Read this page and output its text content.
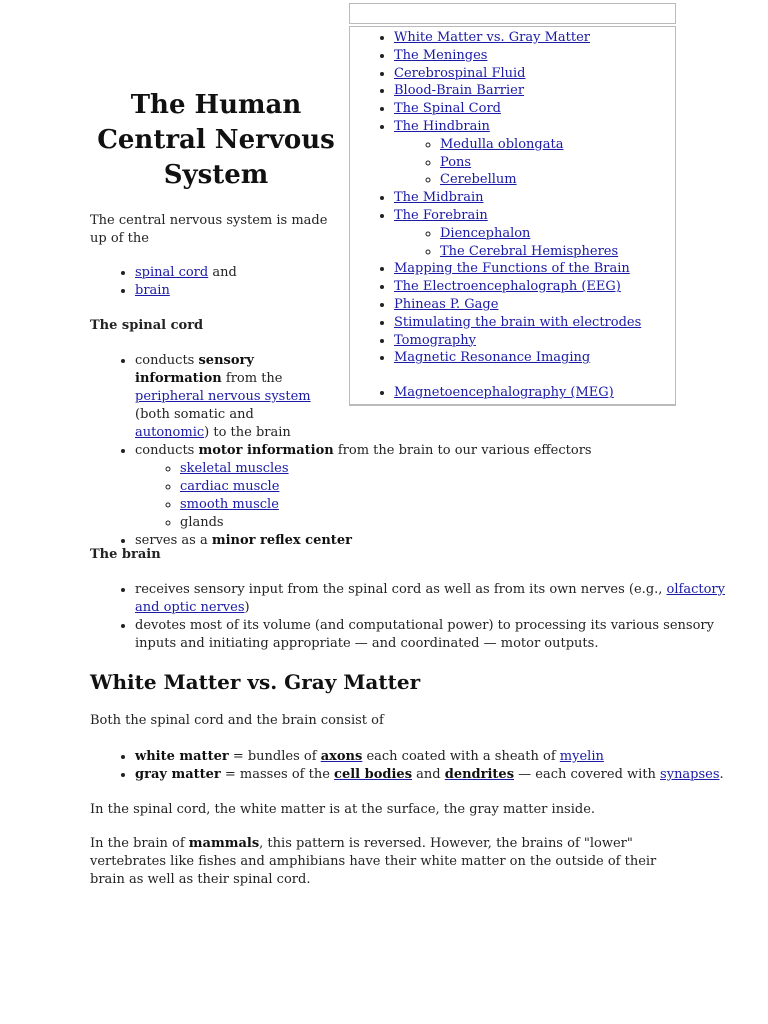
• White Matter vs. Gray Matter
• The Meninges
• Cerebrospinal Fluid
• Blood-Brain Barrier
• The Spinal Cord
• The Hindbrain
◦ Medulla oblongata
◦ Pons
◦ Cerebellum
• The Midbrain
• The Forebrain
◦ Diencephalon
◦ The Cerebral Hemispheres
• Mapping the Functions of the Brain
• The Electroencephalograph (EEG)
• Phineas P. Gage
• Stimulating the brain with electrodes
• Tomography
• Magnetic Resonance Imaging
• Magnetoencephalography (MEG)
The Human Central Nervous System

The central nervous system is made up of the

• spinal cord and
• brain

The spinal cord

• conducts sensory information from the peripheral nervous system (both somatic and autonomic) to the brain
• conducts motor information from the brain to our various effectors
◦ skeletal muscles
◦ cardiac muscle
◦ smooth muscle
◦ glands
• serves as a minor reflex center

The brain

• receives sensory input from the spinal cord as well as from its own nerves (e.g., olfactory and optic nerves)
• devotes most of its volume (and computational power) to processing its various sensory inputs and initiating appropriate — and coordinated — motor outputs.
White Matter vs. Gray Matter

Both the spinal cord and the brain consist of

• white matter = bundles of axons each coated with a sheath of myelin
• gray matter = masses of the cell bodies and dendrites — each covered with synapses.

In the spinal cord, the white matter is at the surface, the gray matter inside.

In the brain of mammals, this pattern is reversed. However, the brains of "lower" vertebrates like fishes and amphibians have their white matter on the outside of their brain as well as their spinal cord.
